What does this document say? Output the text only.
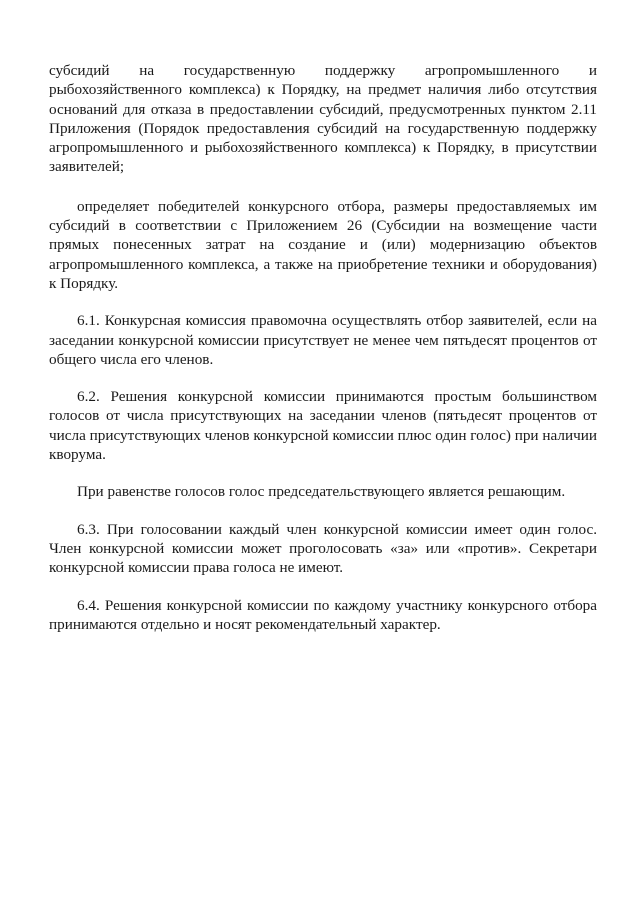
субсидий на государственную поддержку агропромышленного и рыбохозяйственного комплекса) к Порядку, на предмет наличия либо отсутствия оснований для отказа в предоставлении субсидий, предусмотренных пунктом 2.11 Приложения (Порядок предоставления субсидий на государственную поддержку агропромышленного и рыбохозяйственного комплекса) к Порядку, в присутствии заявителей;

определяет победителей конкурсного отбора, размеры предоставляемых им субсидий в соответствии с Приложением 26 (Субсидии на возмещение части прямых понесенных затрат на создание и (или) модернизацию объектов агропромышленного комплекса, а также на приобретение техники и оборудования) к Порядку.

6.1. Конкурсная комиссия правомочна осуществлять отбор заявителей, если на заседании конкурсной комиссии присутствует не менее чем пятьдесят процентов от общего числа его членов.

6.2. Решения конкурсной комиссии принимаются простым большинством голосов от числа присутствующих на заседании членов (пятьдесят процентов от числа присутствующих членов конкурсной комиссии плюс один голос) при наличии кворума.

При равенстве голосов голос председательствующего является решающим.

6.3. При голосовании каждый член конкурсной комиссии имеет один голос. Член конкурсной комиссии может проголосовать «за» или «против». Секретари конкурсной комиссии права голоса не имеют.

6.4. Решения конкурсной комиссии по каждому участнику конкурсного отбора принимаются отдельно и носят рекомендательный характер.
